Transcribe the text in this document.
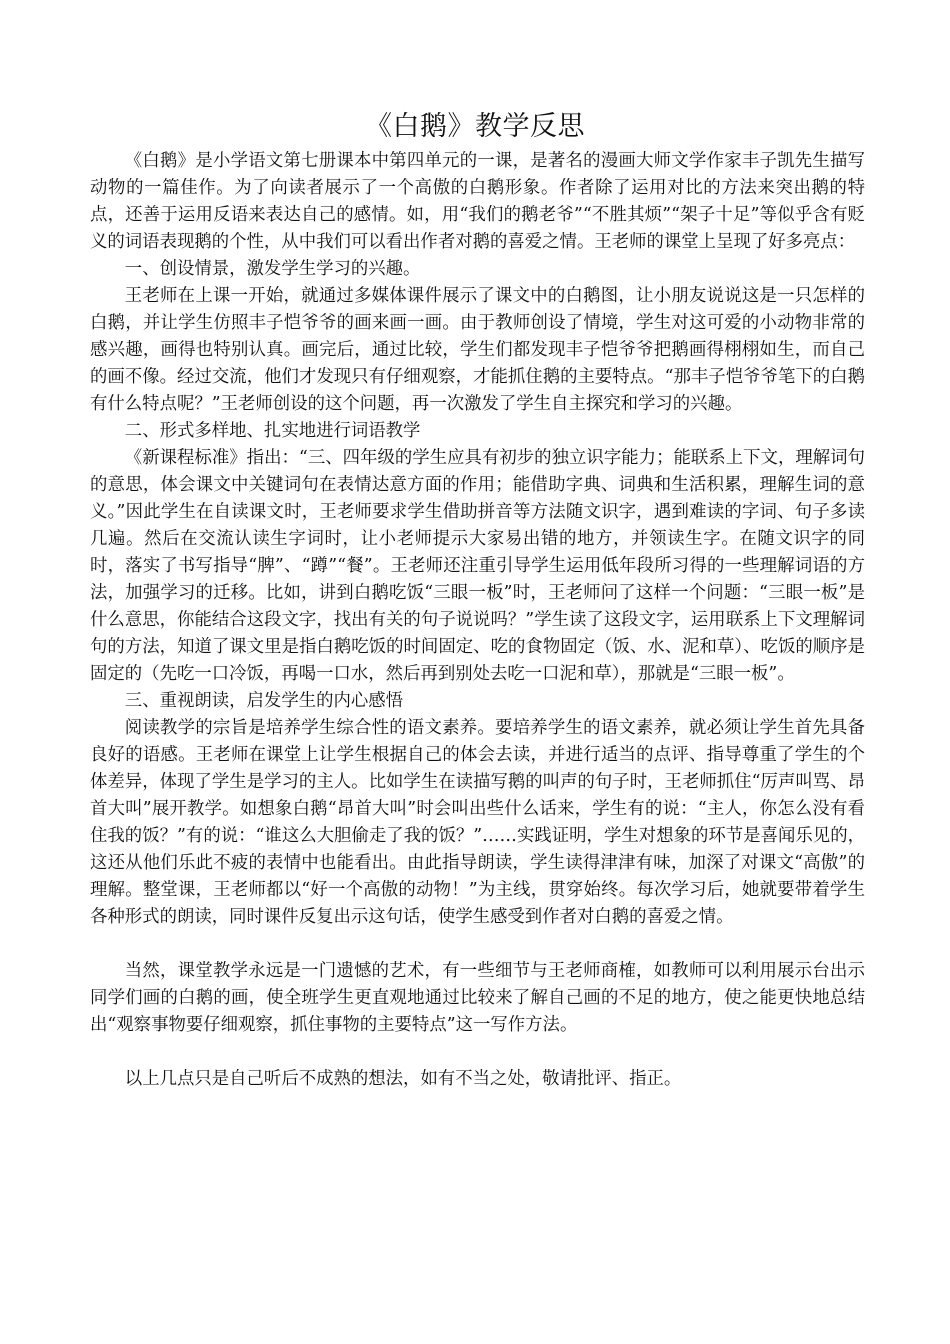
《白鹅》教学反思

《白鹅》是小学语文第七册课本中第四单元的一课，是著名的漫画大师文学作家丰子凯先生描写动物的一篇佳作。为了向读者展示了一个高傲的白鹅形象。作者除了运用对比的方法来突出鹅的特点，还善于运用反语来表达自己的感情。如，用“我们的鹅老爷”“不胜其烦”“架子十足”等似乎含有贬义的词语表现鹅的个性，从中我们可以看出作者对鹅的喜爱之情。王老师的课堂上呈现了好多亮点：

一、创设情景，激发学生学习的兴趣。

王老师在上课一开始，就通过多媒体课件展示了课文中的白鹅图，让小朋友说说这是一只怎样的白鹅，并让学生仿照丰子恺爷爷的画来画一画。由于教师创设了情境，学生对这可爱的小动物非常的感兴趣，画得也特别认真。画完后，通过比较，学生们都发现丰子恺爷爷把鹅画得栩栩如生，而自己的画不像。经过交流，他们才发现只有仔细观察，才能抓住鹅的主要特点。“那丰子恺爷爷笔下的白鹅有什么特点呢？”王老师创设的这个问题，再一次激发了学生自主探究和学习的兴趣。

二、形式多样地、扎实地进行词语教学

《新课程标准》指出：“三、四年级的学生应具有初步的独立识字能力；能联系上下文，理解词句的意思，体会课文中关键词句在表情达意方面的作用；能借助字典、词典和生活积累，理解生词的意义。”因此学生在自读课文时，王老师要求学生借助拼音等方法随文识字，遇到难读的字词、句子多读几遍。然后在交流认读生字词时，让小老师提示大家易出错的地方，并领读生字。在随文识字的同时，落实了书写指导“脾”、“蹲”“餐”。王老师还注重引导学生运用低年段所习得的一些理解词语的方法，加强学习的迁移。比如，讲到白鹅吃饭“三眼一板”时，王老师问了这样一个问题：“三眼一板”是什么意思，你能结合这段文字，找出有关的句子说说吗？”学生读了这段文字，运用联系上下文理解词句的方法，知道了课文里是指白鹅吃饭的时间固定、吃的食物固定（饭、水、泥和草）、吃饭的顺序是固定的（先吃一口冷饭，再喝一口水，然后再到别处去吃一口泥和草），那就是“三眼一板”。

三、重视朗读，启发学生的内心感悟

阅读教学的宗旨是培养学生综合性的语文素养。要培养学生的语文素养，就必须让学生首先具备良好的语感。王老师在课堂上让学生根据自己的体会去读，并进行适当的点评、指导尊重了学生的个体差异，体现了学生是学习的主人。比如学生在读描写鹅的叫声的句子时，王老师抓住“厉声叫骂、昂首大叫”展开教学。如想象白鹅“昂首大叫”时会叫出些什么话来，学生有的说：“主人，你怎么没有看住我的饭？”有的说：“谁这么大胆偷走了我的饭？”……实践证明，学生对想象的环节是喜闻乐见的，这还从他们乐此不疲的表情中也能看出。由此指导朗读，学生读得津津有味，加深了对课文“高傲”的理解。整堂课，王老师都以“好一个高傲的动物！”为主线，贯穿始终。每次学习后，她就要带着学生各种形式的朗读，同时课件反复出示这句话，使学生感受到作者对白鹅的喜爱之情。

当然，课堂教学永远是一门遗憾的艺术，有一些细节与王老师商榷，如教师可以利用展示台出示同学们画的白鹅的画，使全班学生更直观地通过比较来了解自己画的不足的地方，使之能更快地总结出“观察事物要仔细观察，抓住事物的主要特点”这一写作方法。

以上几点只是自己听后不成熟的想法，如有不当之处，敬请批评、指正。
